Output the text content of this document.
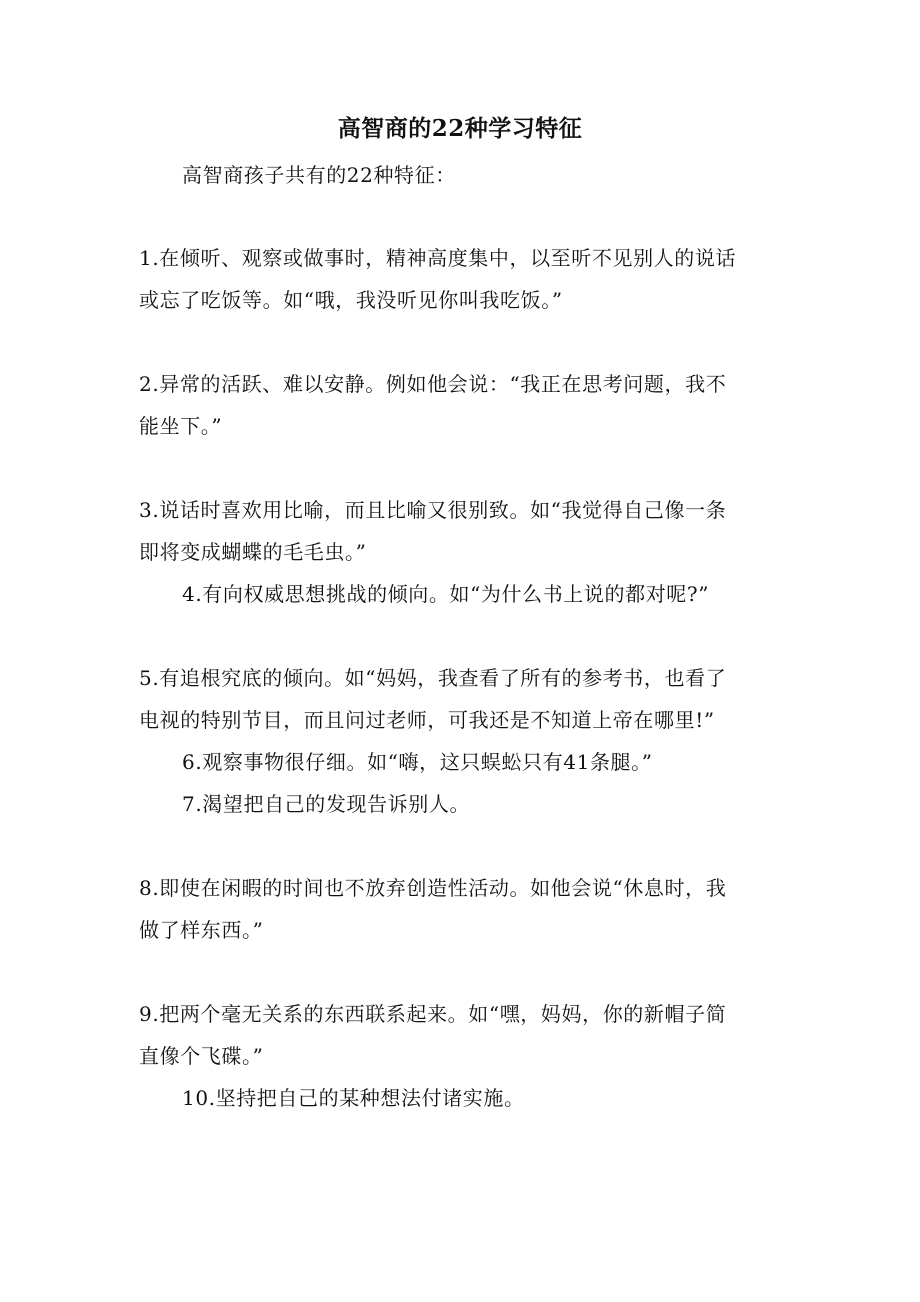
高智商的22种学习特征
高智商孩子共有的22种特征：
1.在倾听、观察或做事时，精神高度集中，以至听不见别人的说话
或忘了吃饭等。如“哦，我没听见你叫我吃饭。”
2.异常的活跃、难以安静。例如他会说：“我正在思考问题，我不
能坐下。”
3.说话时喜欢用比喻，而且比喻又很别致。如“我觉得自己像一条
即将变成蝴蝶的毛毛虫。”
4.有向权威思想挑战的倾向。如“为什么书上说的都对呢?”
5.有追根究底的倾向。如“妈妈，我查看了所有的参考书，也看了
电视的特别节目，而且问过老师，可我还是不知道上帝在哪里!”
6.观察事物很仔细。如“嗨，这只蜈蚣只有41条腿。”
7.渴望把自己的发现告诉别人。
8.即使在闲暇的时间也不放弃创造性活动。如他会说“休息时，我
做了样东西。”
9.把两个毫无关系的东西联系起来。如“嘿，妈妈，你的新帽子简
直像个飞碟。”
10.坚持把自己的某种想法付诸实施。
